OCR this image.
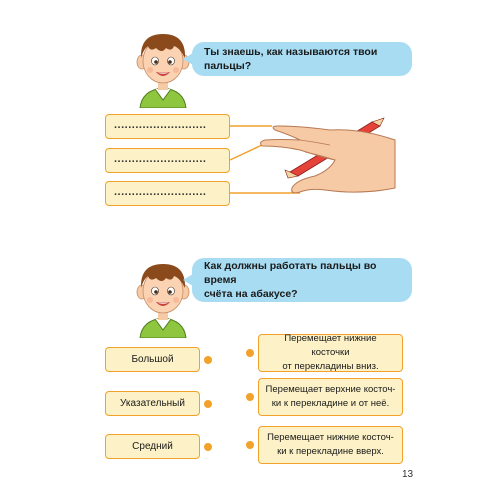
Ты знаешь, как называются твои пальцы?
..........................
..........................
..........................
Как должны работать пальцы во время
счёта на абакусе?
Большой
Указательный
Средний
Перемещает нижние косточки
от перекладины вниз.
Перемещает верхние косточ-
ки к перекладине и от неё.
Перемещает нижние косточ-
ки к перекладине вверх.
13
